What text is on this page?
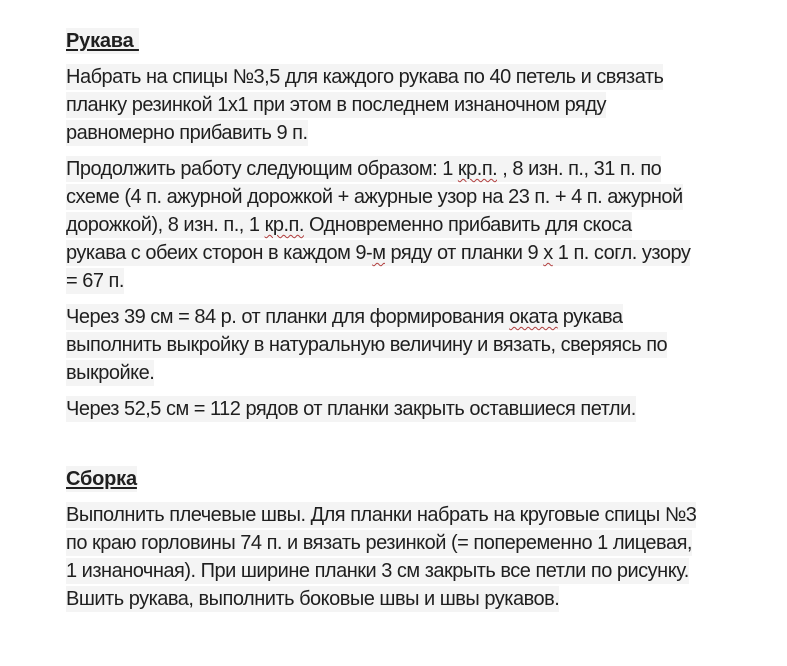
Рукава
Набрать на спицы №3,5 для каждого рукава по 40 петель и связать
планку резинкой 1х1 при этом в последнем изнаночном ряду
равномерно прибавить 9 п.
Продолжить работу следующим образом: 1 кр.п. , 8 изн. п., 31 п. по
схеме (4 п. ажурной дорожкой + ажурные узор на 23 п. + 4 п. ажурной
дорожкой), 8 изн. п., 1 кр.п. Одновременно прибавить для скоса
рукава с обеих сторон в каждом 9-м ряду от планки 9 х 1 п. согл. узору
= 67 п.
Через 39 см = 84 р. от планки для формирования оката рукава
выполнить выкройку в натуральную величину и вязать, сверяясь по
выкройке.
Через 52,5 см = 112 рядов от планки закрыть оставшиеся петли.
Сборка
Выполнить плечевые швы. Для планки набрать на круговые спицы №3
по краю горловины 74 п. и вязать резинкой (= попеременно 1 лицевая,
1 изнаночная). При ширине планки 3 см закрыть все петли по рисунку.
Вшить рукава, выполнить боковые швы и швы рукавов.
